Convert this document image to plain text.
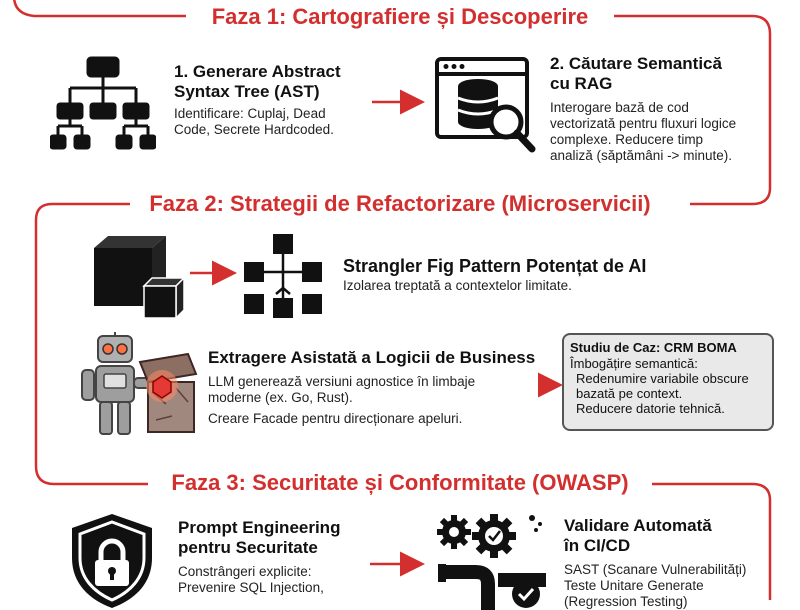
Faza 1: Cartografiere și Descoperire
Faza 2: Strategii de Refactorizare (Microservicii)
Faza 3: Securitate și Conformitate (OWASP)
1. Generare Abstract
Syntax Tree (AST)
Identificare: Cuplaj, Dead
Code, Secrete Hardcoded.
2. Căutare Semantică
cu RAG
Interogare bază de cod
vectorizată pentru fluxuri logice
complexe. Reducere timp
analiză (săptămâni -> minute).
Strangler Fig Pattern Potențat de AI
Izolarea treptată a contextelor limitate.
Extragere Asistată a Logicii de Business
LLM generează versiuni agnostice în limbaje
moderne (ex. Go, Rust).
Creare Facade pentru direcționare apeluri.
Studiu de Caz: CRM BOMA
Îmbogățire semantică:
Redenumire variabile obscure
bazată pe context.
Reducere datorie tehnică.
Prompt Engineering
pentru Securitate
Constrângeri explicite:
Prevenire SQL Injection,
Validare Automată
în CI/CD
SAST (Scanare Vulnerabilități)
Teste Unitare Generate
(Regression Testing)
